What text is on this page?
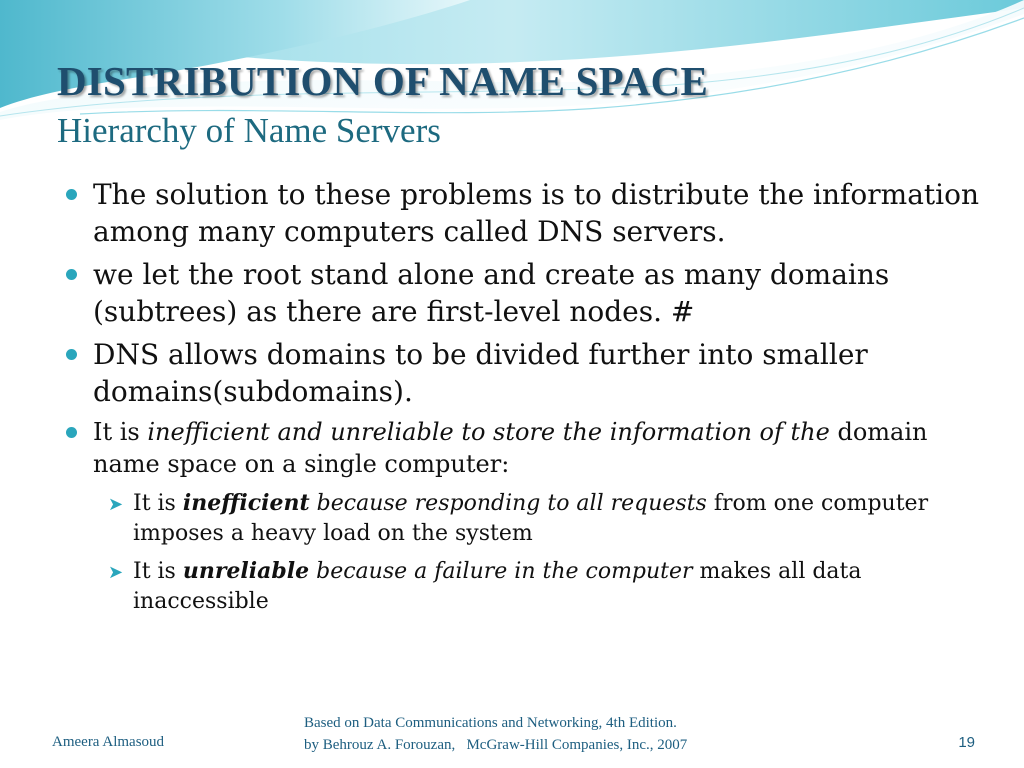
DISTRIBUTION OF NAME SPACE
Hierarchy of Name Servers
The solution to these problems is to distribute the information among many computers called DNS servers.
we let the root stand alone and create as many domains (subtrees) as there are first-level nodes. #
DNS allows domains to be divided further into smaller domains(subdomains).
It is inefficient and unreliable to store the information of the domain name space on a single computer:
➤ It is inefficient because responding to all requests from one computer imposes a heavy load on the system
➤ It is unreliable because a failure in the computer makes all data inaccessible
Ameera Almasoud
Based on Data Communications and Networking, 4th Edition.
by Behrouz A. Forouzan,   McGraw-Hill Companies, Inc., 2007	19
